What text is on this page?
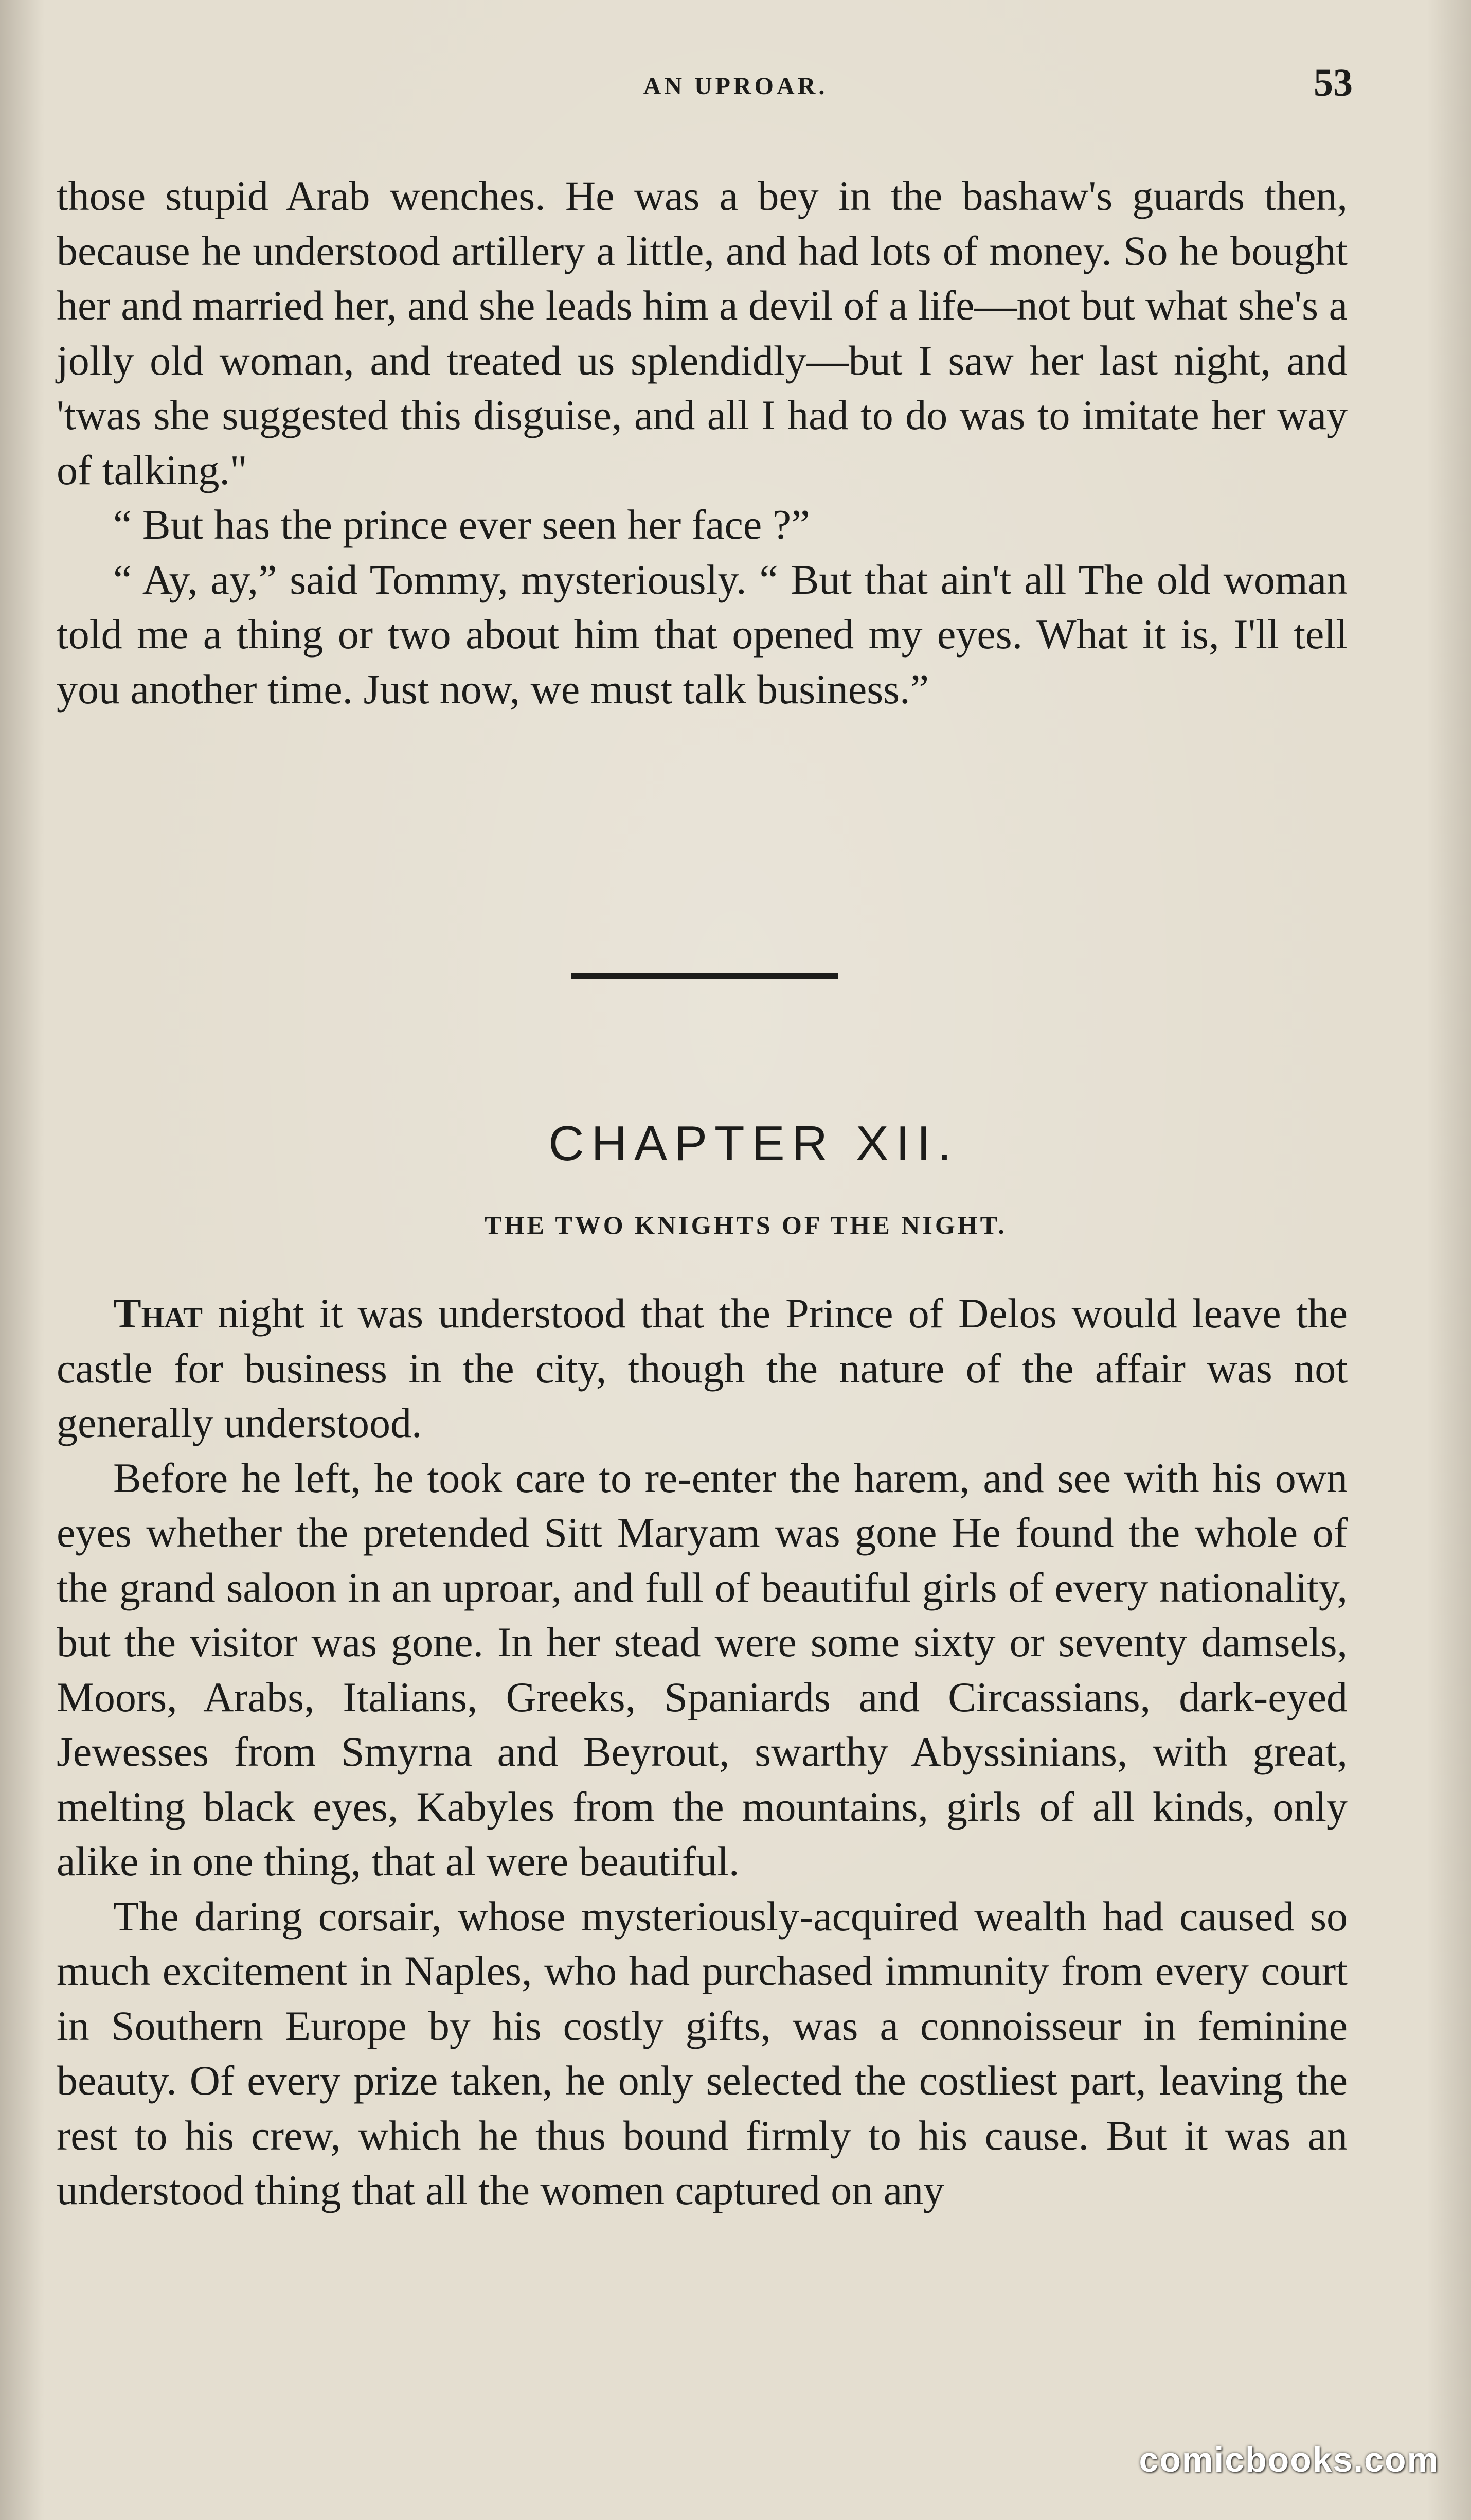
AN UPROAR.	53

those stupid Arab wenches. He was a bey in the bashaw's guards then, because he understood artillery a little, and had lots of money. So he bought her and married her, and she leads him a devil of a life—not but what she's a jolly old woman, and treated us splendidly—but I saw her last night, and 'twas she suggested this disguise, and all I had to do was to imitate her way of talking."

“ But has the prince ever seen her face ?”

“ Ay, ay,” said Tommy, mysteriously. “ But that ain't all The old woman told me a thing or two about him that opened my eyes. What it is, I'll tell you another time. Just now, we must talk business.”

CHAPTER XII.
THE TWO KNIGHTS OF THE NIGHT.

That night it was understood that the Prince of Delos would leave the castle for business in the city, though the nature of the affair was not generally understood.

Before he left, he took care to re-enter the harem, and see with his own eyes whether the pretended Sitt Maryam was gone He found the whole of the grand saloon in an uproar, and full of beautiful girls of every nationality, but the visitor was gone. In her stead were some sixty or seventy damsels, Moors, Arabs, Italians, Greeks, Spaniards and Circassians, dark-eyed Jewesses from Smyrna and Beyrout, swarthy Abyssinians, with great, melting black eyes, Kabyles from the mountains, girls of all kinds, only alike in one thing, that al were beautiful.

The daring corsair, whose mysteriously-acquired wealth had caused so much excitement in Naples, who had purchased immunity from every court in Southern Europe by his costly gifts, was a connoisseur in feminine beauty. Of every prize taken, he only selected the costliest part, leaving the rest to his crew, which he thus bound firmly to his cause. But it was an understood thing that all the women captured on any

comicbooks.com
